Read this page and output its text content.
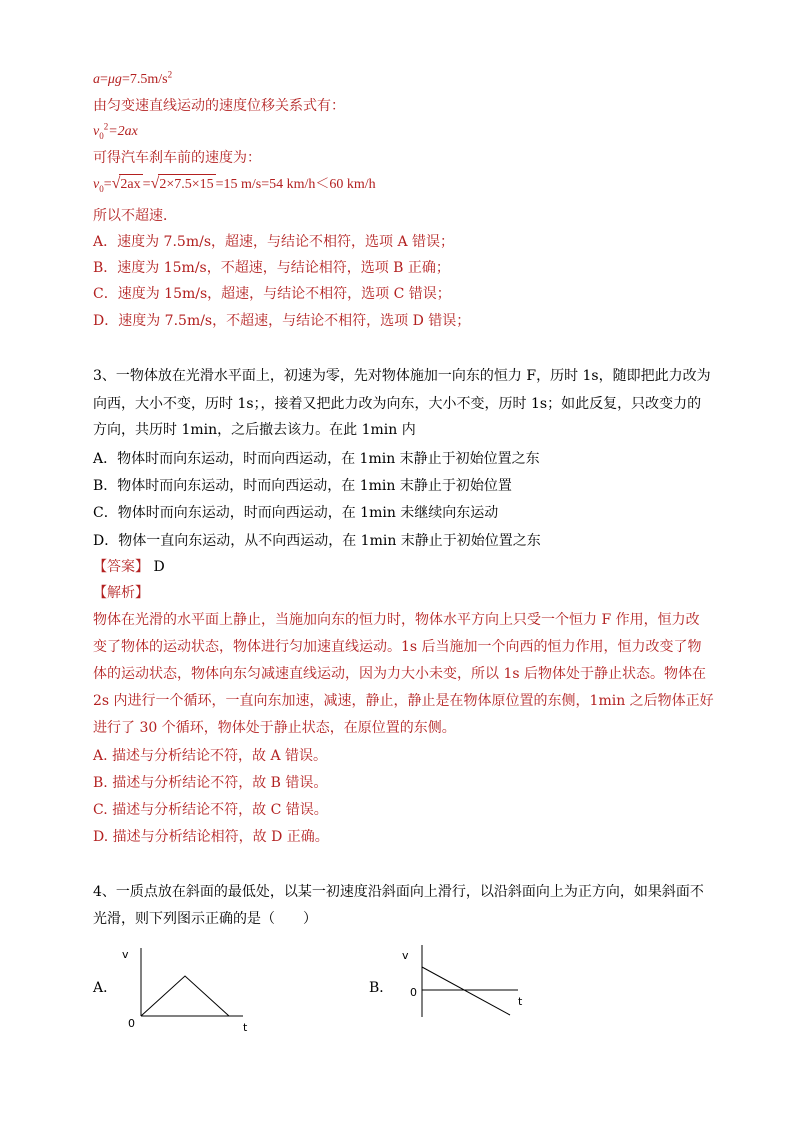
$a=\mu g=7.5m/s^2$
由匀变速直线运动的速度位移关系式有：
$v_0^2=2ax$
可得汽车刹车前的速度为：
$v_0=√2ax =√2\times 7.5\times 15 =15$ m/s=54 km/h＜60 km/h
所以不超速．
A．速度为 7.5m/s，超速，与结论不相符，选项 A 错误；
B．速度为 15m/s，不超速，与结论相符，选项 B 正确；
C．速度为 15m/s，超速，与结论不相符，选项 C 错误；
D．速度为 7.5m/s，不超速，与结论不相符，选项 D 错误；
3、一物体放在光滑水平面上，初速为零，先对物体施加一向东的恒力 F，历时 1s，随即把此力改为
向西，大小不变，历时 1s；，接着又把此力改为向东，大小不变，历时 1s；如此反复，只改变力的
方向，共历时 1min，之后撤去该力。在此 1min 内
A．物体时而向东运动，时而向西运动，在 1min 末静止于初始位置之东
B．物体时而向东运动，时而向西运动，在 1min 末静止于初始位置
C．物体时而向东运动，时而向西运动，在 1min 未继续向东运动
D．物体一直向东运动，从不向西运动，在 1min 末静止于初始位置之东
【答案】 D
【解析】
物体在光滑的水平面上静止，当施加向东的恒力时，物体水平方向上只受一个恒力 F 作用，恒力改
变了物体的运动状态，物体进行匀加速直线运动。1s 后当施加一个向西的恒力作用，恒力改变了物
体的运动状态，物体向东匀减速直线运动，因为力大小未变，所以 1s 后物体处于静止状态。物体在
2s 内进行一个循环，一直向东加速，减速，静止，静止是在物体原位置的东侧，1min 之后物体正好
进行了 30 个循环，物体处于静止状态，在原位置的东侧。
A. 描述与分析结论不符，故 A 错误。
B. 描述与分析结论不符，故 B 错误。
C. 描述与分析结论不符，故 C 错误。
D. 描述与分析结论相符，故 D 正确。
4、一质点放在斜面的最低处，以某一初速度沿斜面向上滑行，以沿斜面向上为正方向，如果斜面不
光滑，则下列图示正确的是（　　）
A．
v
t
0
B．
v
t
0
